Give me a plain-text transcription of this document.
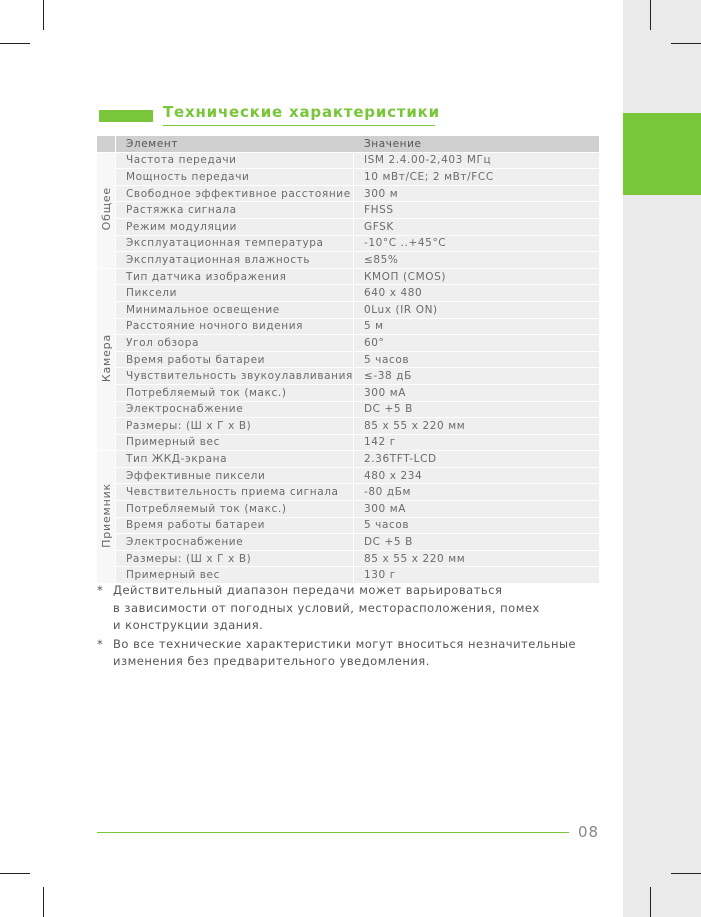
Технические характеристики
	Элемент	Значение
Общее	Частота передачи	ISM 2.4.00-2,403 МГц
	Мощность передачи	10 мВт/CE; 2 мВт/FCC
	Свободное эффективное расстояние	300 м
	Растяжка сигнала	FHSS
	Режим модуляции	GFSK
	Эксплуатационная температура	-10°C ..+45°C
	Эксплуатационная влажность	≤85%
Камера	Тип датчика изображения	КМОП (CMOS)
	Пиксели	640 x 480
	Минимальное освещение	0Lux (IR ON)
	Расстояние ночного видения	5 м
	Угол обзора	60°
	Время работы батареи	5 часов
	Чувствительность звукоулавливания	≤-38 дБ
	Потребляемый ток (макс.)	300 мА
	Электроснабжение	DC +5 В
	Размеры: (Ш х Г х В)	85 х 55 х 220 мм
	Примерный вес	142 г
Приемник	Тип ЖКД-экрана	2.36TFT-LCD
	Эффективные пиксели	480 х 234
	Чевствительность приема сигнала	-80 дБм
	Потребляемый ток (макс.)	300 мА
	Время работы батареи	5 часов
	Электроснабжение	DC +5 В
	Размеры: (Ш х Г х В)	85 х 55 х 220 мм
	Примерный вес	130 г

* Действительный диапазон передачи может варьироваться
в зависимости от погодных условий, месторасположения, помех
и конструкции здания.

* Во все технические характеристики могут вноситься незначительные
изменения без предварительного уведомления.

08
